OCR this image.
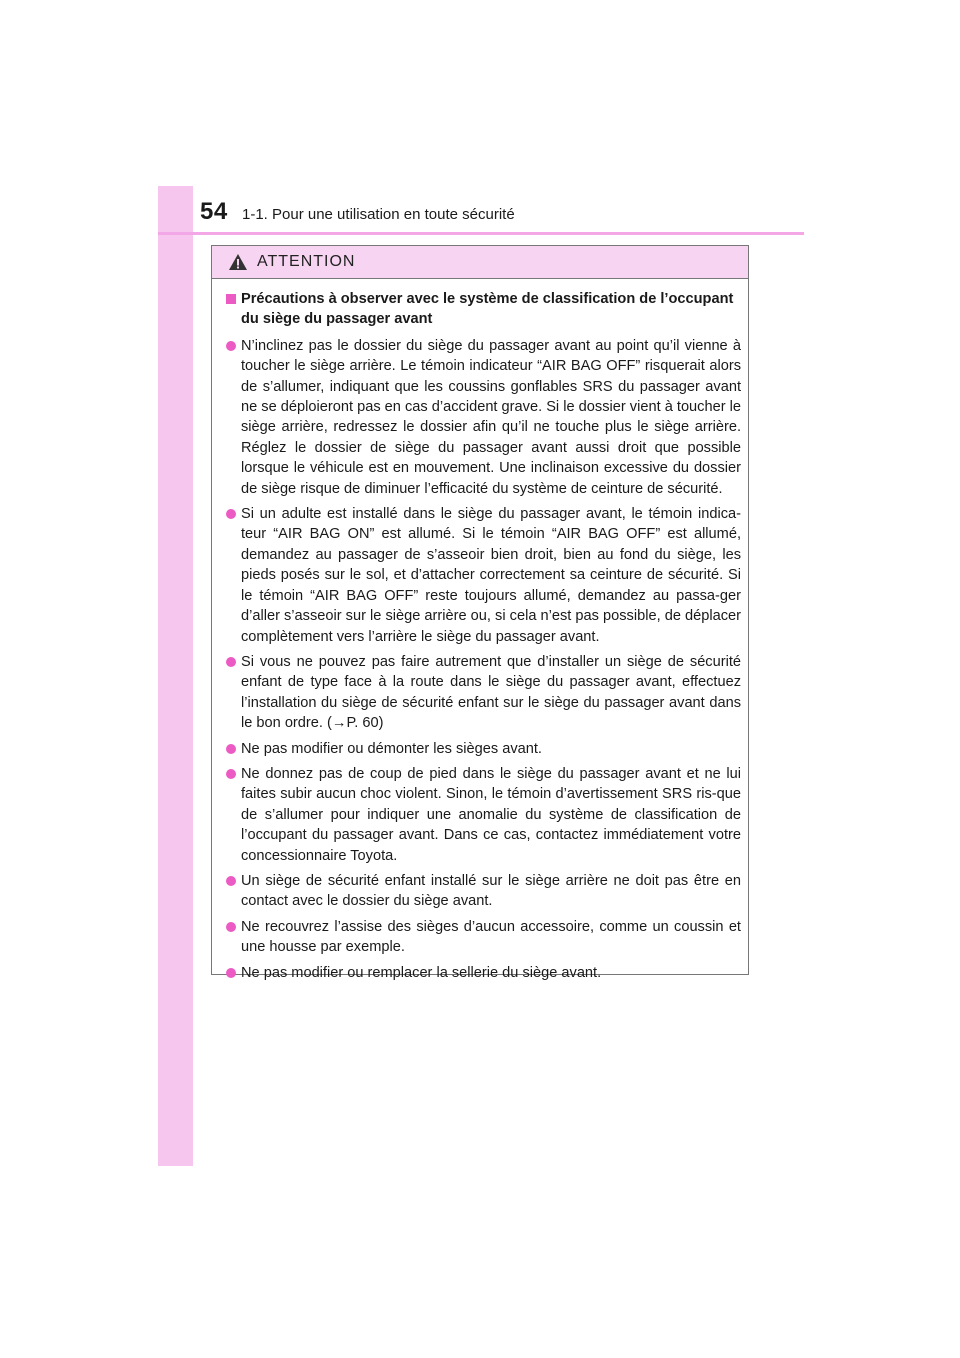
54 1-1. Pour une utilisation en toute sécurité
ATTENTION
Précautions à observer avec le système de classification de l’occupant du siège du passager avant
N’inclinez pas le dossier du siège du passager avant au point qu’il vienne à toucher le siège arrière. Le témoin indicateur “AIR BAG OFF” risquerait alors de s’allumer, indiquant que les coussins gonflables SRS du passager avant ne se déploieront pas en cas d’accident grave. Si le dossier vient à toucher le siège arrière, redressez le dossier afin qu’il ne touche plus le siège arrière. Réglez le dossier de siège du passager avant aussi droit que possible lorsque le véhicule est en mouvement. Une inclinaison excessive du dossier de siège risque de diminuer l’efficacité du système de ceinture de sécurité.
Si un adulte est installé dans le siège du passager avant, le témoin indica-teur “AIR BAG ON” est allumé. Si le témoin “AIR BAG OFF” est allumé, demandez au passager de s’asseoir bien droit, bien au fond du siège, les pieds posés sur le sol, et d’attacher correctement sa ceinture de sécurité. Si le témoin “AIR BAG OFF” reste toujours allumé, demandez au passa-ger d’aller s’asseoir sur le siège arrière ou, si cela n’est pas possible, de déplacer complètement vers l’arrière le siège du passager avant.
Si vous ne pouvez pas faire autrement que d’installer un siège de sécurité enfant de type face à la route dans le siège du passager avant, effectuez l’installation du siège de sécurité enfant sur le siège du passager avant dans le bon ordre. (→P. 60)
Ne pas modifier ou démonter les sièges avant.
Ne donnez pas de coup de pied dans le siège du passager avant et ne lui faites subir aucun choc violent. Sinon, le témoin d’avertissement SRS ris-que de s’allumer pour indiquer une anomalie du système de classification de l’occupant du passager avant. Dans ce cas, contactez immédiatement votre concessionnaire Toyota.
Un siège de sécurité enfant installé sur le siège arrière ne doit pas être en contact avec le dossier du siège avant.
Ne recouvrez l’assise des sièges d’aucun accessoire, comme un coussin et une housse par exemple.
Ne pas modifier ou remplacer la sellerie du siège avant.
